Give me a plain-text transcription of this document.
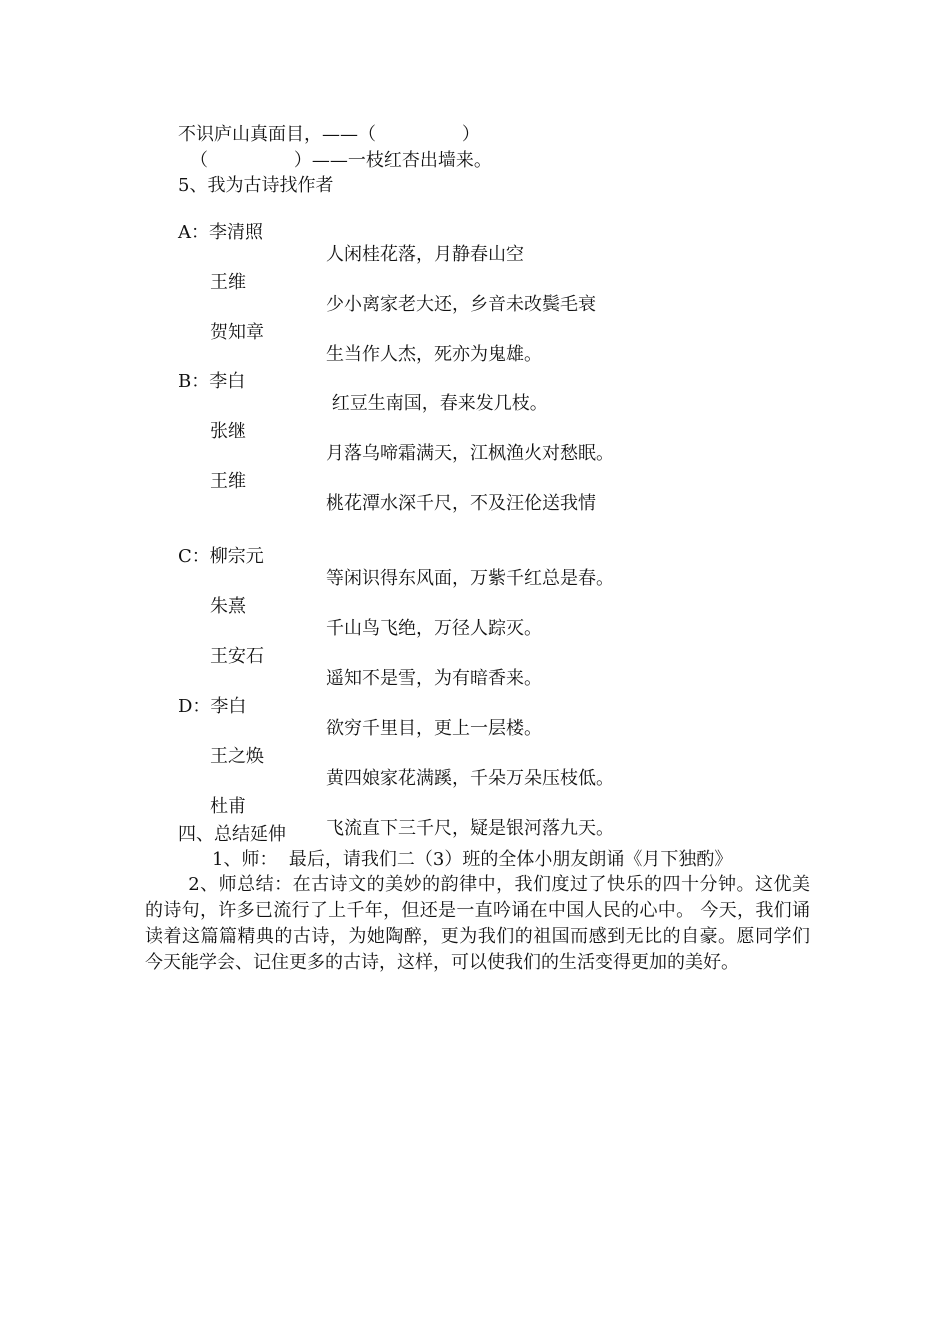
不识庐山真面目，——（               ）
（               ）——一枝红杏出墙来。
5、我为古诗找作者

A：李清照

人闲桂花落，月静春山空

王维

少小离家老大还，乡音未改鬓毛衰

贺知章

生当作人杰，死亦为鬼雄。

B：李白

红豆生南国，春来发几枝。

张继

月落乌啼霜满天，江枫渔火对愁眠。

王维

桃花潭水深千尺，不及汪伦送我情

C：柳宗元

等闲识得东风面，万紫千红总是春。

朱熹

千山鸟飞绝，万径人踪灭。

王安石

遥知不是雪，为有暗香来。

D：李白

欲穷千里目，更上一层楼。

王之焕

黄四娘家花满蹊，千朵万朵压枝低。

杜甫

飞流直下三千尺，疑是银河落九天。

四、总结延伸
1、师：  最后，请我们二（3）班的全体小朋友朗诵《月下独酌》

2、师总结：在古诗文的美妙的韵律中，我们度过了快乐的四十分钟。这优美的诗句，许多已流行了上千年，但还是一直吟诵在中国人民的心中。 今天，我们诵读着这篇篇精典的古诗，为她陶醉，更为我们的祖国而感到无比的自豪。愿同学们今天能学会、记住更多的古诗，这样，可以使我们的生活变得更加的美好。
